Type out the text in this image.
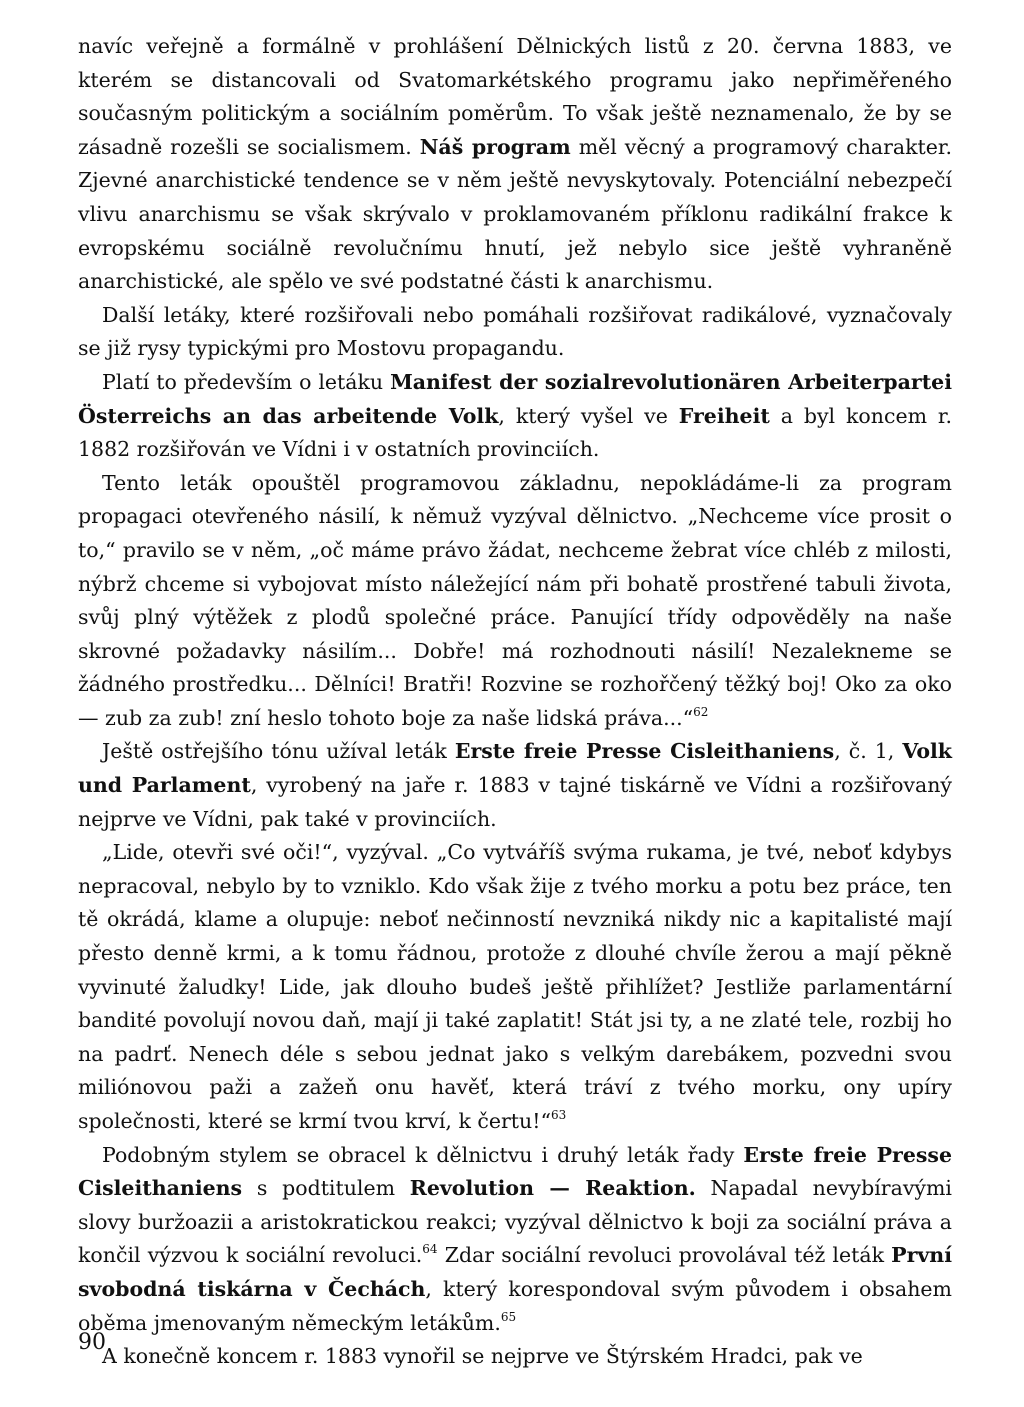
navíc veřejně a formálně v prohlášení Dělnických listů z 20. června 1883, ve kterém se distancovali od Svatomarkétského programu jako nepřiměřeného současným politickým a sociálním poměrům. To však ještě neznamenalo, že by se zásadně rozešli se socialismem. Náš program měl věcný a programový charakter. Zjevné anarchistické tendence se v něm ještě nevyskytovaly. Potenciální nebezpečí vlivu anarchismu se však skrývalo v proklamovaném příklonu radikální frakce k evropskému sociálně revolučnímu hnutí, jež nebylo sice ještě vyhraněně anarchistické, ale spělo ve své podstatné části k anarchismu.

Další letáky, které rozšiřovali nebo pomáhali rozšiřovat radikálové, vyznačovaly se již rysy typickými pro Mostovu propagandu.

Platí to především o letáku Manifest der sozialrevolutionären Arbeiterpartei Österreichs an das arbeitende Volk, který vyšel ve Freiheit a byl koncem r. 1882 rozšiřován ve Vídni i v ostatních provinciích.

Tento leták opouštěl programovou základnu, nepokládáme-li za program propagaci otevřeného násilí, k němuž vyzýval dělnictvo. „Nechceme více prosit o to,“ pravilo se v něm, „oč máme právo žádat, nechceme žebrat více chléb z milosti, nýbrž chceme si vybojovat místo náležející nám při bohatě prostřené tabuli života, svůj plný výtěžek z plodů společné práce. Panující třídy odpověděly na naše skrovné požadavky násilím... Dobře! má rozhodnouti násilí! Nezalekneme se žádného prostředku... Dělníci! Bratři! Rozvine se rozhořčený těžký boj! Oko za oko — zub za zub! zní heslo tohoto boje za naše lidská práva...“$^{62}$

Ještě ostřejšího tónu užíval leták Erste freie Presse Cisleithaniens, č. 1, Volk und Parlament, vyrobený na jaře r. 1883 v tajné tiskárně ve Vídni a rozšiřovaný nejprve ve Vídni, pak také v provinciích.

„Lide, otevři své oči!“, vyzýval. „Co vytváříš svýma rukama, je tvé, neboť kdybys nepracoval, nebylo by to vzniklo. Kdo však žije z tvého morku a potu bez práce, ten tě okrádá, klame a olupuje: neboť nečinností nevzniká nikdy nic a kapitalisté mají přesto denně krmi, a k tomu řádnou, protože z dlouhé chvíle žerou a mají pěkně vyvinuté žaludky! Lide, jak dlouho budeš ještě přihlížet? Jestliže parlamentární bandité povolují novou daň, mají ji také zaplatit! Stát jsi ty, a ne zlaté tele, rozbij ho na padrť. Nenech déle s sebou jednat jako s velkým darebákem, pozvedni svou miliónovou paži a zažeň onu havěť, která tráví z tvého morku, ony upíry společnosti, které se krmí tvou krví, k čertu!“$^{63}$

Podobným stylem se obracel k dělnictvu i druhý leták řady Erste freie Presse Cisleithaniens s podtitulem Revolution — Reaktion. Napadal nevybíravými slovy buržoazii a aristokratickou reakci; vyzýval dělnictvo k boji za sociální práva a končil výzvou k sociální revoluci.$^{64}$ Zdar sociální revoluci provolával též leták První svobodná tiskárna v Čechách, který korespondoval svým původem i obsahem oběma jmenovaným německým letákům.$^{65}$

A konečně koncem r. 1883 vynořil se nejprve ve Štýrském Hradci, pak ve

90
